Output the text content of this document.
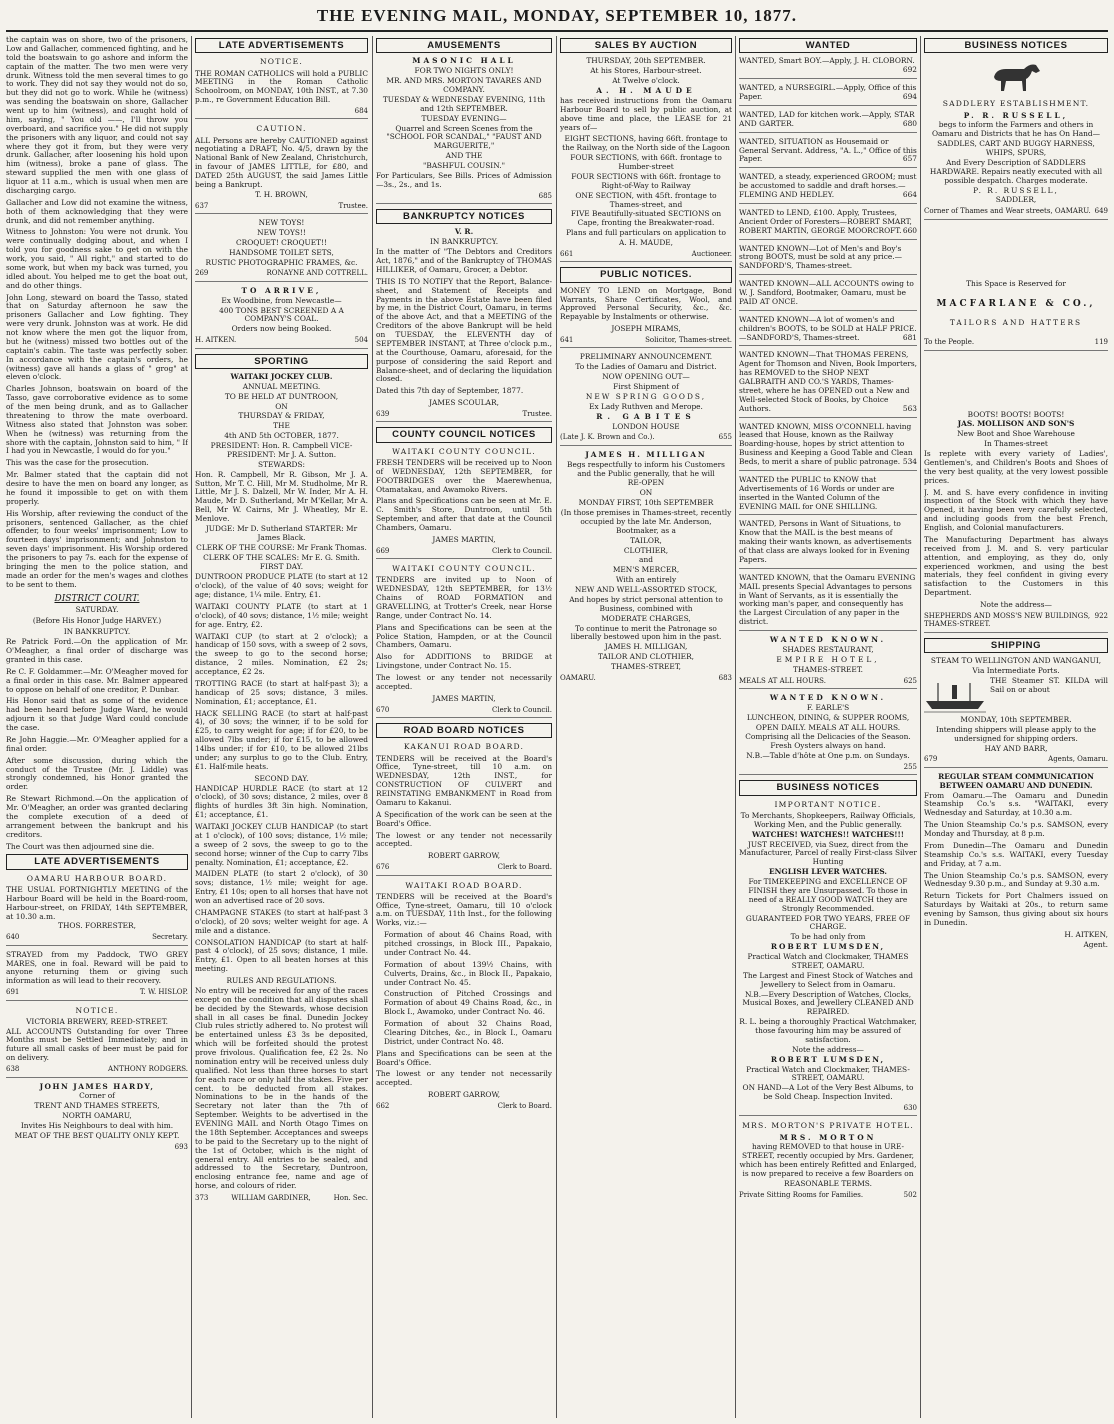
THE EVENING MAIL, MONDAY, SEPTEMBER 10, 1877.

the captain was on shore, two of the prisoners, Low and Gallacher, commenced fighting, and he told the boatswain to go ashore and inform the captain of the matter. The two men were very drunk. Witness told the men several times to go to work. They did not say they would not do so, but they did not go to work. While he (witness) was sending the boatswain on shore, Gallacher went up to him (witness), and caught hold of him, saying, " You old ——, I'll throw you overboard, and sacrifice you." He did not supply the prisoners with any liquor, and could not say where they got it from, but they were very drunk. Gallacher, after loosening his hold upon him (witness), broke a pane of glass. The steward supplied the men with one glass of liquor at 11 a.m., which is usual when men are discharging cargo.

Gallacher and Low did not examine the witness, both of them acknowledging that they were drunk, and did not remember anything.

Witness to Johnston: You were not drunk. You were continually dodging about, and when I told you for goodness sake to get on with the work, you said, " All right," and started to do some work, but when my back was turned, you idled about. You helped me to get the boat out, and do other things.

John Long, steward on board the Tasso, stated that on Saturday afternoon he saw the prisoners Gallacher and Low fighting. They were very drunk. Johnston was at work. He did not know where the men got the liquor from, but he (witness) missed two bottles out of the captain's cabin. The taste was perfectly sober. In accordance with the captain's orders, he (witness) gave all hands a glass of " grog" at eleven o'clock.

Charles Johnson, boatswain on board of the Tasso, gave corroborative evidence as to some of the men being drunk, and as to Gallacher threatening to throw the mate overboard. Witness also stated that Johnston was sober. When he (witness) was returning from the shore with the captain, Johnston said to him, " If I had you in Newcastle, I would do for you."

This was the case for the prosecution.

Mr. Balmer stated that the captain did not desire to have the men on board any longer, as he found it impossible to get on with them properly.

His Worship, after reviewing the conduct of the prisoners, sentenced Gallacher, as the chief offender, to four weeks' imprisonment; Low to fourteen days' imprisonment; and Johnston to seven days' imprisonment. His Worship ordered the prisoners to pay 7s. each for the expense of bringing the men to the police station, and made an order for the men's wages and clothes to be sent to them.

DISTRICT COURT.
SATURDAY.
(Before His Honor Judge HARVEY.)
IN BANKRUPTCY.

Re Patrick Ford.—On the application of Mr. O'Meagher, a final order of discharge was granted in this case.

Re C. F. Goldammer.—Mr. O'Meagher moved for a final order in this case. Mr. Balmer appeared to oppose on behalf of one creditor, P. Dunbar.

His Honor said that as some of the evidence had been heard before Judge Ward, he would adjourn it so that Judge Ward could conclude the case.

Re John Haggie.—Mr. O'Meagher applied for a final order.

After some discussion, during which the conduct of the Trustee (Mr. J. Liddle) was strongly condemned, his Honor granted the order.

Re Stewart Richmond.—On the application of Mr. O'Meagher, an order was granted declaring the complete execution of a deed of arrangement between the bankrupt and his creditors.

The Court was then adjourned sine die.

LATE ADVERTISEMENTS
OAMARU HARBOUR BOARD.
THE USUAL FORTNIGHTLY MEETING of the Harbour Board will be held in the Board-room, Harbour-street, on FRIDAY, 14th SEPTEMBER, at 10.30 a.m.
THOS. FORRESTER,
640	Secretary.
STRAYED from my Paddock, TWO GREY MARES, one in foal. Reward will be paid to anyone returning them or giving such information as will lead to their recovery.
691	T. W. HISLOP.
NOTICE.
VICTORIA BREWERY, REED-STREET.
ALL ACCOUNTS Outstanding for over Three Months must be Settled Immediately; and in future all small casks of beer must be paid for on delivery.
638	ANTHONY RODGERS.
JOHN JAMES HARDY,
Corner of
TRENT AND THAMES STREETS,
NORTH OAMARU,
Invites His Neighbours to deal with him.
MEAT OF THE BEST QUALITY ONLY KEPT.
693
LATE ADVERTISEMENTS
NOTICE.
THE ROMAN CATHOLICS will hold a PUBLIC MEETING in the Roman Catholic Schoolroom, on MONDAY, 10th INST., at 7.30 p.m., re Government Education Bill.
684
CAUTION.
ALL Persons are hereby CAUTIONED against negotiating a DRAFT, No. 4/5, drawn by the National Bank of New Zealand, Christchurch, in favour of JAMES LITTLE, for £80, and DATED 25th AUGUST, the said James Little being a Bankrupt.
T. H. BROWN,
637	Trustee.
NEW TOYS!
NEW TOYS!!
CROQUET! CROQUET!!
HANDSOME TOILET SETS,
RUSTIC PHOTOGRAPHIC FRAMES, &c.
269	RONAYNE AND COTTRELL.
TO ARRIVE,
Ex Woodbine, from Newcastle—
400 TONS BEST SCREENED A A COMPANY'S COAL.
Orders now being Booked.
H. AITKEN.	504
SPORTING
WAITAKI JOCKEY CLUB.
ANNUAL MEETING.
TO BE HELD AT DUNTROON,
ON
THURSDAY & FRIDAY,
THE
4th AND 5th OCTOBER, 1877.
PRESIDENT: Hon. R. Campbell VICE-PRESIDENT: Mr J. A. Sutton.
STEWARDS:
Hon. R. Campbell, Mr R. Gibson, Mr J. A. Sutton, Mr T. C. Hill, Mr M. Studholme, Mr R. Little, Mr J. S. Dalzell, Mr W. Inder, Mr A. H. Maude, Mr D. Sutherland, Mr M'Kellar, Mr A. Bell, Mr W. Cairns, Mr J. Wheatley, Mr E. Menlove.
JUDGE: Mr D. Sutherland STARTER: Mr James Black.
CLERK OF THE COURSE: Mr Frank Thomas.
CLERK OF THE SCALES: Mr E. G. Smith.
FIRST DAY.

DUNTROON PRODUCE PLATE (to start at 12 o'clock), of the value of 40 sovs; weight for age; distance, 1¼ mile. Entry, £1.

WAITAKI COUNTY PLATE (to start at 1 o'clock), of 40 sovs; distance, 1½ mile; weight for age. Entry, £2.

WAITAKI CUP (to start at 2 o'clock); a handicap of 150 sovs, with a sweep of 2 sovs, the sweep to go to the second horse; distance, 2 miles. Nomination, £2 2s; acceptance, £2 2s.

TROTTING RACE (to start at half-past 3); a handicap of 25 sovs; distance, 3 miles. Nomination, £1; acceptance, £1.

HACK SELLING RACE (to start at half-past 4), of 30 sovs; the winner, if to be sold for £25, to carry weight for age; if for £20, to be allowed 7lbs under; if for £15, to be allowed 14lbs under; if for £10, to be allowed 21lbs under; any surplus to go to the Club. Entry, £1. Half-mile heats.

SECOND DAY.

HANDICAP HURDLE RACE (to start at 12 o'clock), of 30 sovs; distance, 2 miles, over 8 flights of hurdles 3ft 3in high. Nomination, £1; acceptance, £1.

WAITAKI JOCKEY CLUB HANDICAP (to start at 1 o'clock), of 100 sovs; distance, 1½ mile; a sweep of 2 sovs, the sweep to go to the second horse; winner of the Cup to carry 7lbs penalty. Nomination, £1; acceptance, £2.

MAIDEN PLATE (to start 2 o'clock), of 30 sovs; distance, 1½ mile; weight for age. Entry, £1 10s; open to all horses that have not won an advertised race of 20 sovs.

CHAMPAGNE STAKES (to start at half-past 3 o'clock), of 20 sovs; welter weight for age. A mile and a distance.

CONSOLATION HANDICAP (to start at half-past 4 o'clock), of 25 sovs; distance, 1 mile. Entry, £1. Open to all beaten horses at this meeting.

RULES AND REGULATIONS.

No entry will be received for any of the races except on the condition that all disputes shall be decided by the Stewards, whose decision shall in all cases be final. Dunedin Jockey Club rules strictly adhered to. No protest will be entertained unless £3 3s be deposited, which will be forfeited should the protest prove frivolous. Qualification fee, £2 2s. No nomination entry will be received unless duly qualified. Not less than three horses to start for each race or only half the stakes. Five per cent. to be deducted from all stakes. Nominations to be in the hands of the Secretary not later than the 7th of September. Weights to be advertised in the EVENING MAIL and North Otago Times on the 18th September. Acceptances and sweeps to be paid to the Secretary up to the night of the 1st of October, which is the night of general entry. All entries to be sealed, and addressed to the Secretary, Duntroon, enclosing entrance fee, name and age of horse, and colours of rider.

373	WILLIAM GARDINER,	Hon. Sec.
AMUSEMENTS
MASONIC HALL
FOR TWO NIGHTS ONLY!
MR. AND MRS. MORTON TAVARES AND COMPANY.
TUESDAY & WEDNESDAY EVENING, 11th and 12th SEPTEMBER.
TUESDAY EVENING—
Quarrel and Screen Scenes from the "SCHOOL FOR SCANDAL," "FAUST AND MARGUERITE,"
AND THE
"BASHFUL COUSIN."
For Particulars, See Bills. Prices of Admission—3s., 2s., and 1s.
685
BANKRUPTCY NOTICES
V. R.
IN BANKRUPTCY.

In the matter of "The Debtors and Creditors Act, 1876," and of the Bankruptcy of THOMAS HILLIKER, of Oamaru, Grocer, a Debtor.

THIS IS TO NOTIFY that the Report, Balance-sheet, and Statement of Receipts and Payments in the above Estate have been filed by me, in the District Court, Oamaru, in terms of the above Act, and that a MEETING of the Creditors of the above Bankrupt will be held on TUESDAY, the ELEVENTH day of SEPTEMBER INSTANT, at Three o'clock p.m., at the Courthouse, Oamaru, aforesaid, for the purpose of considering the said Report and Balance-sheet, and of declaring the liquidation closed.

Dated this 7th day of September, 1877.

JAMES SCOULAR,
639	Trustee.
COUNTY COUNCIL NOTICES
WAITAKI COUNTY COUNCIL.

FRESH TENDERS will be received up to Noon of WEDNESDAY, 12th SEPTEMBER, for FOOTBRIDGES over the Maerewhenua, Otamatakau, and Awamoko Rivers.

Plans and Specifications can be seen at Mr. E. C. Smith's Store, Duntroon, until 5th September, and after that date at the Council Chambers, Oamaru.

JAMES MARTIN,
669	Clerk to Council.
WAITAKI COUNTY COUNCIL.

TENDERS are invited up to Noon of WEDNESDAY, 12th SEPTEMBER, for 13½ Chains of ROAD FORMATION and GRAVELLING, at Trotter's Creek, near Horse Range, under Contract No. 14.

Plans and Specifications can be seen at the Police Station, Hampden, or at the Council Chambers, Oamaru.

Also for ADDITIONS to BRIDGE at Livingstone, under Contract No. 15.

The lowest or any tender not necessarily accepted.

JAMES MARTIN,
670	Clerk to Council.
ROAD BOARD NOTICES
KAKANUI ROAD BOARD.

TENDERS will be received at the Board's Office, Tyne-street, till 10 a.m. on WEDNESDAY, 12th INST., for CONSTRUCTION OF CULVERT and REINSTATING EMBANKMENT in Road from Oamaru to Kakanui.

A Specification of the work can be seen at the Board's Office.

The lowest or any tender not necessarily accepted.

ROBERT GARROW,
676	Clerk to Board.
WAITAKI ROAD BOARD.

TENDERS will be received at the Board's Office, Tyne-street, Oamaru, till 10 o'clock a.m. on TUESDAY, 11th Inst., for the following Works, viz.:—

Formation of about 46 Chains Road, with pitched crossings, in Block III., Papakaio, under Contract No. 44.

Formation of about 139½ Chains, with Culverts, Drains, &c., in Block II., Papakaio, under Contract No. 45.

Construction of Pitched Crossings and Formation of about 49 Chains Road, &c., in Block I., Awamoko, under Contract No. 46.

Formation of about 32 Chains Road, Clearing Ditches, &c., in Block I., Oamaru District, under Contract No. 48.

Plans and Specifications can be seen at the Board's Office.

The lowest or any tender not necessarily accepted.

ROBERT GARROW,
662	Clerk to Board.
SALES BY AUCTION
THURSDAY, 20th SEPTEMBER.
At his Stores, Harbour-street.
At Twelve o'clock.
A. H. MAUDE

has received instructions from the Oamaru Harbour Board to sell by public auction, at above time and place, the LEASE for 21 years of—

EIGHT SECTIONS, having 66ft. frontage to the Railway, on the North side of the Lagoon
FOUR SECTIONS, with 66ft. frontage to Humber-street
FOUR SECTIONS with 66ft. frontage to Right-of-Way to Railway
ONE SECTION, with 45ft. frontage to Thames-street, and
FIVE Beautifully-situated SECTIONS on Cape, fronting the Breakwater-road.
Plans and full particulars on application to
A. H. MAUDE,
661	Auctioneer.
PUBLIC NOTICES.

MONEY TO LEND on Mortgage, Bond Warrants, Share Certificates, Wool, and Approved Personal Security, &c., &c. Repayable by Instalments or otherwise.

JOSEPH MIRAMS,
641	Solicitor, Thames-street.
PRELIMINARY ANNOUNCEMENT.
To the Ladies of Oamaru and District.
NOW OPENING OUT—
First Shipment of
NEW SPRING GOODS,
Ex Lady Ruthven and Merope.
R. GABITES
LONDON HOUSE
(Late J. K. Brown and Co.).	655
JAMES H. MILLIGAN
Begs respectfully to inform his Customers and the Public generally, that he will
RE-OPEN
ON
MONDAY FIRST, 10th SEPTEMBER
(In those premises in Thames-street, recently occupied by the late Mr. Anderson, Bootmaker, as a
TAILOR,
CLOTHIER,
and
MEN'S MERCER,
With an entirely
NEW AND WELL-ASSORTED STOCK,
And hopes by strict personal attention to Business, combined with
MODERATE CHARGES,
To continue to merit the Patronage so liberally bestowed upon him in the past.
JAMES H. MILLIGAN,
TAILOR AND CLOTHIER,
THAMES-STREET,
OAMARU.	683
WANTED
WANTED, Smart BOY.—Apply, J. H. CLOBORN.
692
WANTED, a NURSEGIRL.—Apply, Office of this Paper.	694
WANTED, LAD for kitchen work.—Apply, STAR AND GARTER.	680
WANTED, SITUATION as Housemaid or General Servant. Address, "A. L.," Office of this Paper.	657
WANTED, a steady, experienced GROOM; must be accustomed to saddle and draft horses.—FLEMING AND HEDLEY.	664
WANTED to LEND, £100. Apply, Trustees, Ancient Order of Foresters—ROBERT SMART, ROBERT MARTIN, GEORGE MOORCROFT. 660
WANTED KNOWN—Lot of Men's and Boy's strong BOOTS, must be sold at any price.—SANDFORD'S, Thames-street.
WANTED KNOWN—ALL ACCOUNTS owing to W. J. Sandford, Bootmaker, Oamaru, must be PAID AT ONCE.
WANTED KNOWN—A lot of women's and children's BOOTS, to be SOLD at HALF PRICE.—SANDFORD'S, Thames-street.	681
WANTED KNOWN—That THOMAS FERENS, Agent for Thomson and Niven, Book Importers, has REMOVED to the SHOP NEXT GALBRAITH AND CO.'S YARDS, Thames-street, where he has OPENED out a New and Well-selected Stock of Books, by Choice Authors.	563
WANTED KNOWN, MISS O'CONNELL having leased that House, known as the Railway Boarding-house, hopes by strict attention to Business and Keeping a Good Table and Clean Beds, to merit a share of public patronage. 534
WANTED the PUBLIC to KNOW that Advertisements of 16 Words or under are inserted in the Wanted Column of the EVENING MAIL for ONE SHILLING.
WANTED, Persons in Want of Situations, to Know that the MAIL is the best means of making their wants known, as advertisements of that class are always looked for in Evening Papers.
WANTED KNOWN, that the Oamaru EVENING MAIL presents Special Advantages to persons in Want of Servants, as it is essentially the working man's paper, and consequently has the Largest Circulation of any paper in the district.
WANTED KNOWN.
SHADES RESTAURANT,
EMPIRE HOTEL,
THAMES-STREET.
MEALS AT ALL HOURS.	625
WANTED KNOWN.
F. EARLE'S
LUNCHEON, DINING, & SUPPER ROOMS,
OPEN DAILY. MEALS AT ALL HOURS.
Comprising all the Delicacies of the Season. Fresh Oysters always on hand.
N.B.—Table d'hôte at One p.m. on Sundays.
255
BUSINESS NOTICES
IMPORTANT NOTICE.
To Merchants, Shopkeepers, Railway Officials, Working Men, and the Public generally.
WATCHES! WATCHES!! WATCHES!!!
JUST RECEIVED, via Suez, direct from the Manufacturer, Parcel of really First-class Silver Hunting
ENGLISH LEVER WATCHES.
For TIMEKEEPING and EXCELLENCE OF FINISH they are Unsurpassed. To those in need of a REALLY GOOD WATCH they are Strongly Recommended.
GUARANTEED FOR TWO YEARS, FREE OF CHARGE.
To be had only from
ROBERT LUMSDEN,
Practical Watch and Clockmaker, THAMES STREET, OAMARU.
The Largest and Finest Stock of Watches and Jewellery to Select from in Oamaru.
N.B.—Every Description of Watches, Clocks, Musical Boxes, and Jewellery CLEANED AND REPAIRED.
R. L. being a thoroughly Practical Watchmaker, those favouring him may be assured of satisfaction.
Note the address—
ROBERT LUMSDEN,
Practical Watch and Clockmaker, THAMES-STREET, OAMARU.
ON HAND—A Lot of the Very Best Albums, to be Sold Cheap. Inspection Invited.
630
MRS. MORTON'S PRIVATE HOTEL.
MRS. MORTON
having REMOVED to that house in URE-STREET, recently occupied by Mrs. Gardener, which has been entirely Refitted and Enlarged, is now prepared to receive a few Boarders on
REASONABLE TERMS.
Private Sitting Rooms for Families.	502
BUSINESS NOTICES
SADDLERY ESTABLISHMENT.
P. R. RUSSELL,
begs to inform the Farmers and others in Oamaru and Districts that he has On Hand—
SADDLES, CART AND BUGGY HARNESS, WHIPS, SPURS,
And Every Description of SADDLERS HARDWARE. Repairs neatly executed with all possible despatch. Charges moderate.
P. R. RUSSELL,
SADDLER,
Corner of Thames and Wear streets, OAMARU. 649
This Space is Reserved for
MACFARLANE & CO.,
TAILORS AND HATTERS
To the People.	119
BOOTS! BOOTS! BOOTS!
JAS. MOLLISON AND SON'S
New Boot and Shoe Warehouse
In Thames-street

Is replete with every variety of Ladies', Gentlemen's, and Children's Boots and Shoes of the very best quality, at the very lowest possible prices.

J. M. and S. have every confidence in inviting inspection of the Stock with which they have Opened, it having been very carefully selected, and including goods from the best French, English, and Colonial manufacturers.

The Manufacturing Department has always received from J. M. and S. very particular attention, and employing, as they do, only experienced workmen, and using the best materials, they feel confident in giving every satisfaction to the Customers in this Department.

Note the address—
SHEPHERDS AND MOSS'S NEW BUILDINGS, THAMES-STREET.
922
SHIPPING
STEAM TO WELLINGTON AND WANGANUI,
Via Intermediate Ports.
THE Steamer ST. KILDA will Sail on or about
MONDAY, 10th SEPTEMBER.
Intending shippers will please apply to the undersigned for shipping orders.
HAY AND BARR,
679	Agents, Oamaru.
REGULAR STEAM COMMUNICATION BETWEEN OAMARU AND DUNEDIN.

From Oamaru.—The Oamaru and Dunedin Steamship Co.'s s.s. "WAITAKI, every Wednesday and Saturday, at 10.30 a.m.

The Union Steamship Co.'s p.s. SAMSON, every Monday and Thursday, at 8 p.m.

From Dunedin—The Oamaru and Dunedin Steamship Co.'s s.s. WAITAKI, every Tuesday and Friday, at 7 a.m.

The Union Steamship Co.'s p.s. SAMSON, every Wednesday 9.30 p.m., and Sunday at 9.30 a.m.

Return Tickets for Port Chalmers issued on Saturdays by Waitaki at 20s., to return same evening by Samson, thus giving about six hours in Dunedin.

H. AITKEN,
Agent.
